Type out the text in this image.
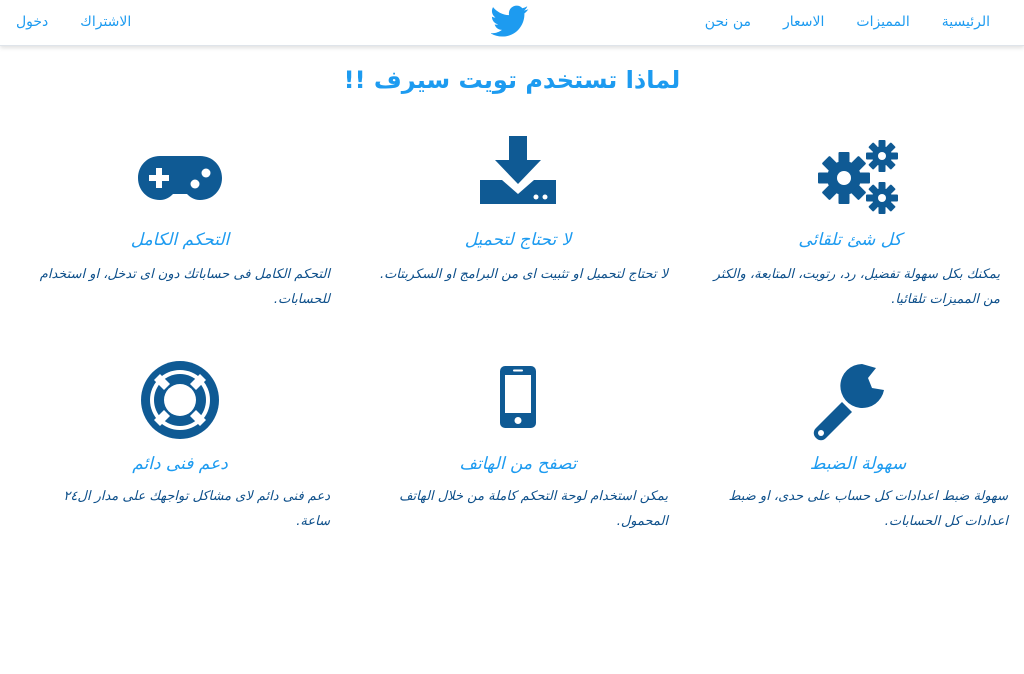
الرئيسية
المميزات
الاسعار
من نحن
الاشتراك
دخول
لماذا تستخدم تويت سيرف !!
كل شئ تلقائى

يمكنك بكل سهولة تفضيل، رد، رتويت، المتابعة، والكثر من المميزات تلقائيا.

لا تحتاج لتحميل

لا تحتاج لتحميل او تثبيت اى من البرامج او السكربتات.

التحكم الكامل

التحكم الكامل فى حساباتك دون اى تدخل، او استخدام للحسابات.

سهولة الضبط

سهولة ضبط اعدادات كل حساب على حدى، او ضبط اعدادات كل الحسابات.

تصفح من الهاتف

يمكن استخدام لوحة التحكم كاملة من خلال الهاتف المحمول.

دعم فنى دائم

دعم فنى دائم لاى مشاكل تواجهك على مدار ال٢٤ ساعة.
